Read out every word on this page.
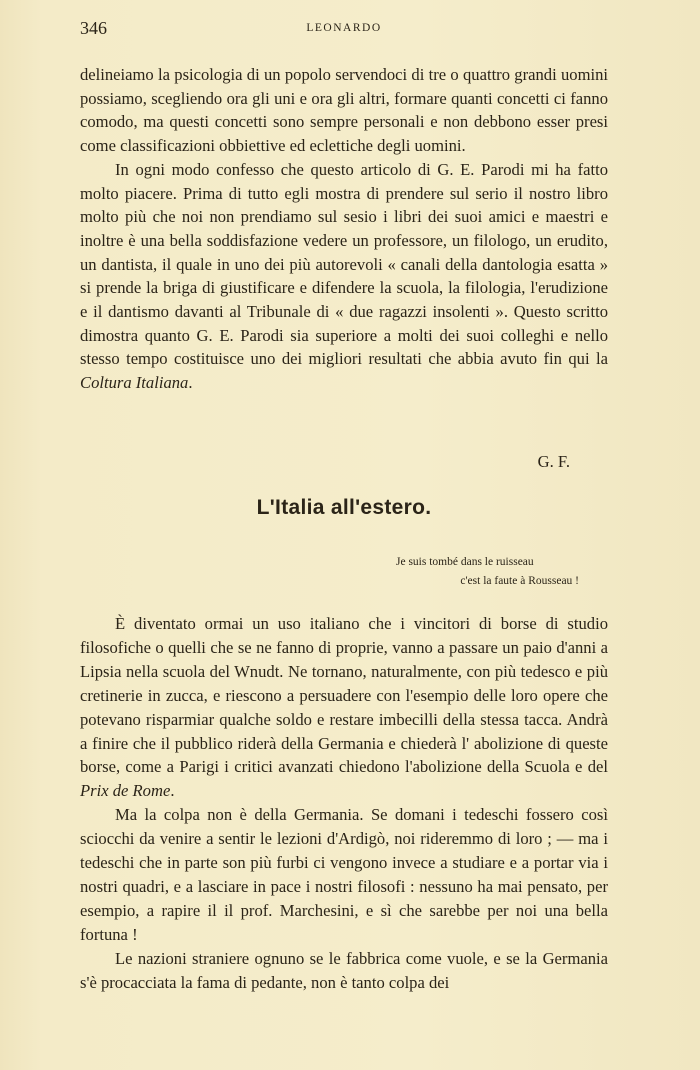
346	LEONARDO

delineiamo la psicologia di un popolo servendoci di tre o quattro grandi uomini possiamo, scegliendo ora gli uni e ora gli altri, formare quanti concetti ci fanno comodo, ma questi concetti sono sempre personali e non debbono esser presi come classificazioni obbiettive ed eclettiche degli uomini.

In ogni modo confesso che questo articolo di G. E. Parodi mi ha fatto molto piacere. Prima di tutto egli mostra di prendere sul serio il nostro libro molto più che noi non prendiamo sul sesio i libri dei suoi amici e maestri e inoltre è una bella soddisfazione vedere un professore, un filologo, un erudito, un dantista, il quale in uno dei più autorevoli « canali della dantologia esatta » si prende la briga di giustificare e difendere la scuola, la filologia, l'erudizione e il dantismo davanti al Tribunale di « due ragazzi insolenti ». Questo scritto dimostra quanto G. E. Parodi sia superiore a molti dei suoi colleghi e nello stesso tempo costituisce uno dei migliori resultati che abbia avuto fin qui la Coltura Italiana.

G. F.
L'Italia all'estero.
Je suis tombé dans le ruisseau
c'est la faute à Rousseau !

È diventato ormai un uso italiano che i vincitori di borse di studio filosofiche o quelli che se ne fanno di proprie, vanno a passare un paio d'anni a Lipsia nella scuola del Wnudt. Ne tornano, naturalmente, con più tedesco e più cretinerie in zucca, e riescono a persuadere con l'esempio delle loro opere che potevano risparmiar qualche soldo e restare imbecilli della stessa tacca. Andrà a finire che il pubblico riderà della Germania e chiederà l' abolizione di queste borse, come a Parigi i critici avanzati chiedono l'abolizione della Scuola e del Prix de Rome.

Ma la colpa non è della Germania. Se domani i tedeschi fossero così sciocchi da venire a sentir le lezioni d'Ardigò, noi rideremmo di loro ; — ma i tedeschi che in parte son più furbi ci vengono invece a studiare e a portar via i nostri quadri, e a lasciare in pace i nostri filosofi : nessuno ha mai pensato, per esempio, a rapire il il prof. Marchesini, e sì che sarebbe per noi una bella fortuna !

Le nazioni straniere ognuno se le fabbrica come vuole, e se la Germania s'è procacciata la fama di pedante, non è tanto colpa dei
